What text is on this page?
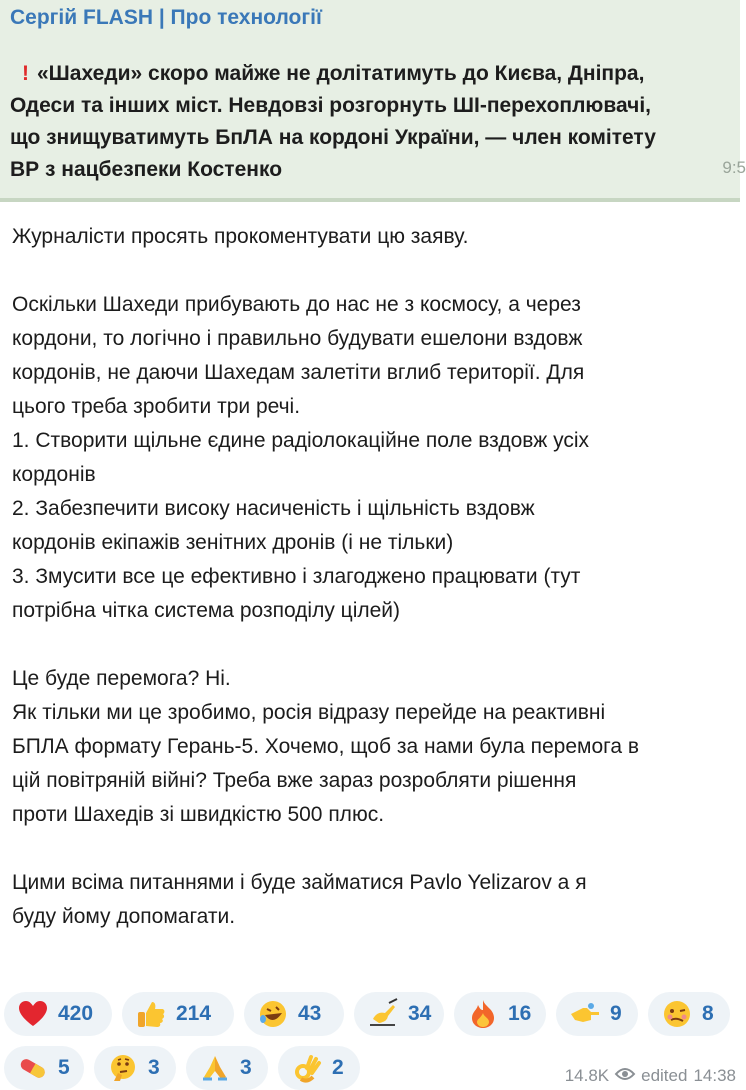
Сергій FLASH | Про технології
! «Шахеди» скоро майже не долітатимуть до Києва, Дніпра,
Одеси та інших міст. Невдовзі розгорнуть ШІ-перехоплювачі,
що знищуватимуть БпЛА на кордоні України, — член комітету
ВР з нацбезпеки Костенко	9:5
Журналісти просять прокоментувати цю заяву.
Оскільки Шахеди прибувають до нас не з космосу, а через
кордони, то логічно і правильно будувати ешелони вздовж
кордонів, не даючи Шахедам залетіти вглиб території. Для
цього треба зробити три речі.
1. Створити щільне єдине радіолокаційне поле вздовж усіх
кордонів
2. Забезпечити високу насиченість і щільність вздовж
кордонів екіпажів зенітних дронів (і не тільки)
3. Змусити все це ефективно і злагоджено працювати (тут
потрібна чітка система розподілу цілей)
Це буде перемога? Ні.
Як тільки ми це зробимо, росія відразу перейде на реактивні
БПЛА формату Герань-5. Хочемо, щоб за нами була перемога в
цій повітряній війні? Треба вже зараз розробляти рішення
проти Шахедів зі швидкістю 500 плюс.
Цими всіма питаннями і буде займатися Pavlo Yelizarov а я
буду йому допомагати.
420	214	43	34	16	9	8
5	3	3	2	14.8K edited 14:38
